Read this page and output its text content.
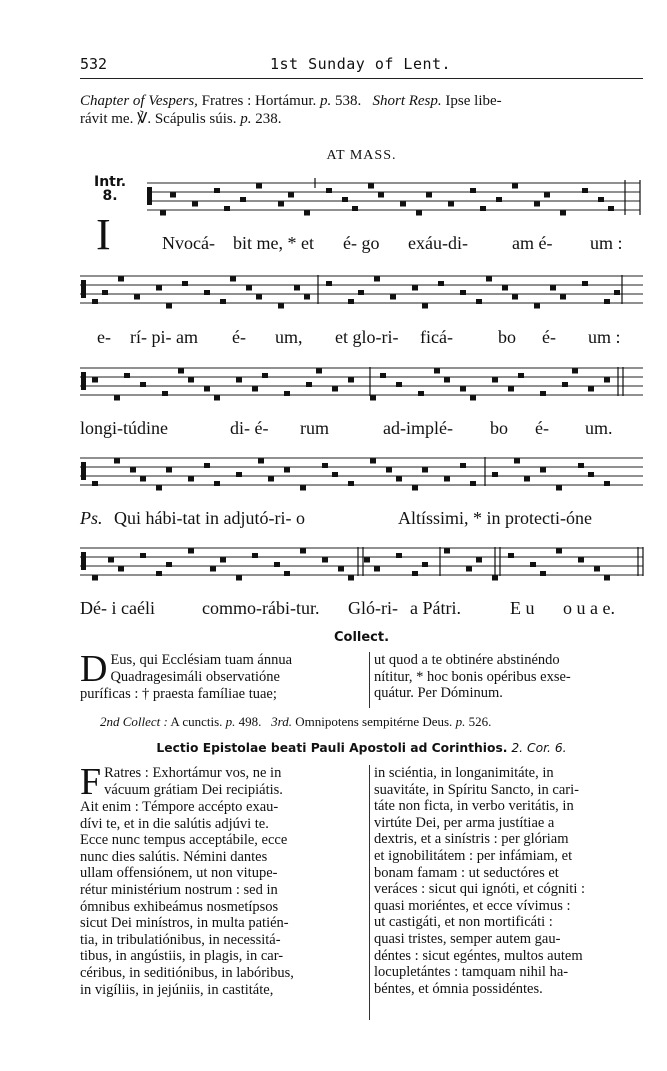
532	1st Sunday of Lent.
Chapter of Vespers, Fratres : Hortámur. p. 538.   Short Resp. Ipse libe-
rávit me. ℣. Scápulis súis. p. 238.
AT MASS.
Intr.
8.
I	Nvocá- bit me, * et é- go exáu-di- am é- um :
e- rí- pi- am é- um, et glo-ri- ficá-	bo é- um :
longi-túdine	di- é- rum	ad-implé- bo é- um.
Ps. Qui hábi-tat in adjutó-ri- o	Altíssimi, * in protecti-óne
Dé- i caéli	commo-rábi-tur. Gló-ri- a Pátri.	E u o u a e.
Collect.
D Eus, qui Ecclésiam tuam ánnua
Quadragesimáli observatióne
puríficas : † praesta famíliae tuae;
ut quod a te obtinére abstinéndo
nítitur, * hoc bonis opéribus exse-
quátur. Per Dóminum.
2nd Collect : A cunctis. p. 498.   3rd. Omnipotens sempitérne Deus. p. 526.
Lectio Epistolae beati Pauli Apostoli ad Corinthios. 2. Cor. 6.
F Ratres : Exhortámur vos, ne in
vácuum grátiam Dei recipiátis.
Ait enim : Témpore accépto exau-
dívi te, et in die salútis adjúvi te.
Ecce nunc tempus acceptábile, ecce
nunc dies salútis. Némini dantes
ullam offensiónem, ut non vitupe-
rétur ministérium nostrum : sed in
ómnibus exhibeámus nosmetípsos
sicut Dei minístros, in multa patién-
tia, in tribulatiónibus, in necessitá-
tibus, in angústiis, in plagis, in car-
céribus, in seditiónibus, in labóribus,
in vigíliis, in jejúniis, in castitáte,
in sciéntia, in longanimitáte, in
suavitáte, in Spíritu Sancto, in cari-
táte non ficta, in verbo veritátis, in
virtúte Dei, per arma justítiae a
dextris, et a sinístris : per glóriam
et ignobilitátem : per infámiam, et
bonam famam : ut seductóres et
veráces : sicut qui ignóti, et cógniti :
quasi moriéntes, et ecce vívimus :
ut castigáti, et non mortificáti :
quasi tristes, semper autem gau-
déntes : sicut egéntes, multos autem
locupletántes : tamquam nihil ha-
béntes, et ómnia possidéntes.
